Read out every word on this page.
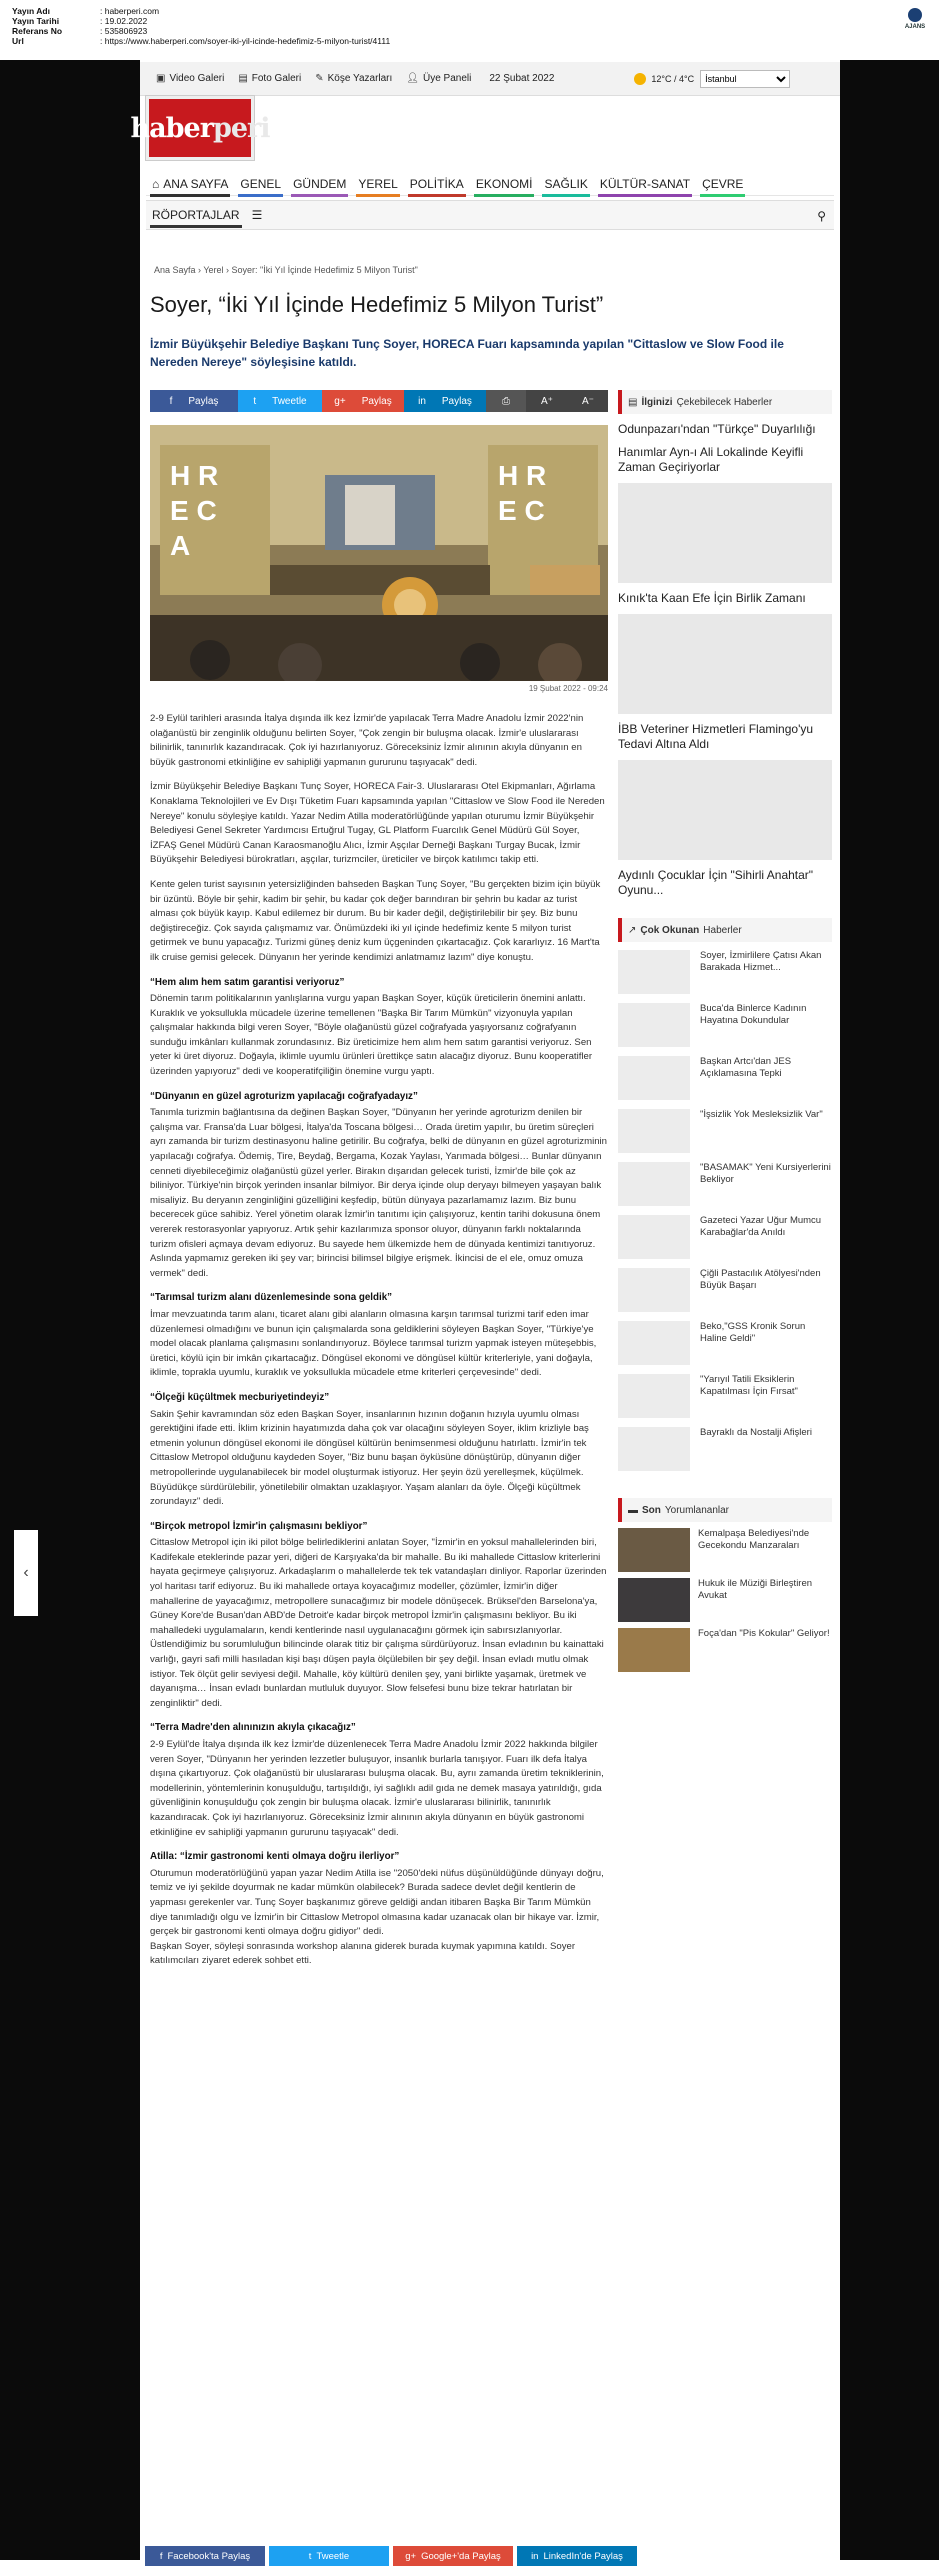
Yayın Adı	: haberperi.com
Yayın Tarihi	: 19.02.2022
Referans No	: 535806923
Url	: https://www.haberperi.com/soyer-iki-yil-icinde-hedefimiz-5-milyon-turist/4111
AJANS
‹
▣ Video Galeri ▤ Foto Galeri ✎ Köşe Yazarları 👤︎ Üye Paneli 22 Şubat 2022	12°C / 4°C
İstanbul
haberperi
⌂ ANA SAYFA	GENEL	GÜNDEM	YEREL	POLİTİKA	EKONOMİ	SAĞLIK	KÜLTÜR-SANAT	ÇEVRE
RÖPORTAJLAR	☰	⚲
Ana Sayfa › Yerel › Soyer: "İki Yıl İçinde Hedefimiz 5 Milyon Turist"
Soyer, “İki Yıl İçinde Hedefimiz 5 Milyon Turist”
İzmir Büyükşehir Belediye Başkanı Tunç Soyer, HORECA Fuarı kapsamında yapılan "Cittaslow ve Slow Food ile Nereden Nereye" söyleşisine katıldı.
f Paylaş	t Tweetle	g+ Paylaş	in Paylaş	⎙	A⁺	A⁻
H R
E C
A
H R
E C
19 Şubat 2022 - 09:24

2-9 Eylül tarihleri arasında İtalya dışında ilk kez İzmir'de yapılacak Terra Madre Anadolu İzmir 2022'nin olağanüstü bir zenginlik olduğunu belirten Soyer, "Çok zengin bir buluşma olacak. İzmir'e uluslararası bilinirlik, tanınırlık kazandıracak. Çok iyi hazırlanıyoruz. Göreceksiniz İzmir alınının akıyla dünyanın en büyük gastronomi etkinliğine ev sahipliği yapmanın gururunu taşıyacak" dedi.

İzmir Büyükşehir Belediye Başkanı Tunç Soyer, HORECA Fair-3. Uluslararası Otel Ekipmanları, Ağırlama Konaklama Teknolojileri ve Ev Dışı Tüketim Fuarı kapsamında yapılan "Cittaslow ve Slow Food ile Nereden Nereye" konulu söyleşiye katıldı. Yazar Nedim Atilla moderatörlüğünde yapılan oturumu İzmir Büyükşehir Belediyesi Genel Sekreter Yardımcısı Ertuğrul Tugay, GL Platform Fuarcılık Genel Müdürü Gül Soyer, İZFAŞ Genel Müdürü Canan Karaosmanoğlu Alıcı, İzmir Aşçılar Derneği Başkanı Turgay Bucak, İzmir Büyükşehir Belediyesi bürokratları, aşçılar, turizmciler, üreticiler ve birçok katılımcı takip etti.

Kente gelen turist sayısının yetersizliğinden bahseden Başkan Tunç Soyer, "Bu gerçekten bizim için büyük bir üzüntü. Böyle bir şehir, kadim bir şehir, bu kadar çok değer barındıran bir şehrin bu kadar az turist alması çok büyük kayıp. Kabul edilemez bir durum. Bu bir kader değil, değiştirilebilir bir şey. Biz bunu değiştireceğiz. Çok sayıda çalışmamız var. Önümüzdeki iki yıl içinde hedefimiz kente 5 milyon turist getirmek ve bunu yapacağız. Turizmi güneş deniz kum üçgeninden çıkartacağız. Çok kararlıyız. 16 Mart'ta ilk cruise gemisi gelecek. Dünyanın her yerinde kendimizi anlatmamız lazım" diye konuştu.

“Hem alım hem satım garantisi veriyoruz”

Dönemin tarım politikalarının yanlışlarına vurgu yapan Başkan Soyer, küçük üreticilerin önemini anlattı. Kuraklık ve yoksullukla mücadele üzerine temellenen "Başka Bir Tarım Mümkün" vizyonuyla yapılan çalışmalar hakkında bilgi veren Soyer, "Böyle olağanüstü güzel coğrafyada yaşıyorsanız coğrafyanın sunduğu imkânları kullanmak zorundasınız. Biz üreticimize hem alım hem satım garantisi veriyoruz. Sen yeter ki üret diyoruz. Doğayla, iklimle uyumlu ürünleri ürettikçe satın alacağız diyoruz. Bunu kooperatifler üzerinden yapıyoruz" dedi ve kooperatifçiliğin önemine vurgu yaptı.

“Dünyanın en güzel agroturizm yapılacağı coğrafyadayız”

Tanımla turizmin bağlantısına da değinen Başkan Soyer, "Dünyanın her yerinde agroturizm denilen bir çalışma var. Fransa'da Luar bölgesi, İtalya'da Toscana bölgesi… Orada üretim yapılır, bu üretim süreçleri ayrı zamanda bir turizm destinasyonu haline getirilir. Bu coğrafya, belki de dünyanın en güzel agroturizminin yapılacağı coğrafya. Ödemiş, Tire, Beydağ, Bergama, Kozak Yaylası, Yarımada bölgesi… Bunlar dünyanın cenneti diyebileceğimiz olağanüstü güzel yerler. Birakın dışarıdan gelecek turisti, İzmir'de bile çok az biliniyor. Türkiye'nin birçok yerinden insanlar bilmiyor. Bir derya içinde olup deryayı bilmeyen yaşayan balık misaliyiz. Bu deryanın zenginliğini güzelliğini keşfedip, bütün dünyaya pazarlamamız lazım. Biz bunu becerecek güce sahibiz. Yerel yönetim olarak İzmir'in tanıtımı için çalışıyoruz, kentin tarihi dokusuna önem vererek restorasyonlar yapıyoruz. Artık şehir kazılarımıza sponsor oluyor, dünyanın farklı noktalarında turizm ofisleri açmaya devam ediyoruz. Bu sayede hem ülkemizde hem de dünyada kentimizi tanıtıyoruz. Aslında yapmamız gereken iki şey var; birincisi bilimsel bilgiye erişmek. İkincisi de el ele, omuz omuza vermek" dedi.

“Tarımsal turizm alanı düzenlemesinde sona geldik”

İmar mevzuatında tarım alanı, ticaret alanı gibi alanların olmasına karşın tarımsal turizmi tarif eden imar düzenlemesi olmadığını ve bunun için çalışmalarda sona geldiklerini söyleyen Başkan Soyer, "Türkiye'ye model olacak planlama çalışmasını sonlandırıyoruz. Böylece tarımsal turizm yapmak isteyen müteşebbis, üretici, köylü için bir imkân çıkartacağız. Döngüsel ekonomi ve döngüsel kültür kriterleriyle, yani doğayla, iklimle, toprakla uyumlu, kuraklık ve yoksullukla mücadele etme kriterleri çerçevesinde" dedi.

“Ölçeği küçültmek mecburiyetindeyiz”

Sakin Şehir kavramından söz eden Başkan Soyer, insanlarının hızının doğanın hızıyla uyumlu olması gerektiğini ifade etti. İklim krizinin hayatımızda daha çok var olacağını söyleyen Soyer, iklim krizliyle baş etmenin yolunun döngüsel ekonomi ile döngüsel kültürün benimsenmesi olduğunu hatırlattı. İzmir'in tek Cittaslow Metropol olduğunu kaydeden Soyer, "Biz bunu başan öyküsüne dönüştürüp, dünyanın diğer metropollerinde uygulanabilecek bir model oluşturmak istiyoruz. Her şeyin özü yerelleşmek, küçülmek. Büyüdükçe sürdürülebilir, yönetilebilir olmaktan uzaklaşıyor. Yaşam alanları da öyle. Ölçeği küçültmek zorundayız" dedi.

“Birçok metropol İzmir'in çalışmasını bekliyor”

Cittaslow Metropol için iki pilot bölge belirlediklerini anlatan Soyer, "İzmir'in en yoksul mahallelerinden biri, Kadifekale eteklerinde pazar yeri, diğeri de Karşıyaka'da bir mahalle. Bu iki mahallede Cittaslow kriterlerini hayata geçirmeye çalışıyoruz. Arkadaşlarım o mahallelerde tek tek vatandaşları dinliyor. Raporlar üzerinden yol haritası tarif ediyoruz. Bu iki mahallede ortaya koyacağımız modeller, çözümler, İzmir'in diğer mahallerine de yayacağımız, metropollere sunacağımız bir modele dönüşecek. Brüksel'den Barselona'ya, Güney Kore'de Busan'dan ABD'de Detroit'e kadar birçok metropol İzmir'in çalışmasını bekliyor. Bu iki mahalledeki uygulamaların, kendi kentlerinde nasıl uygulanacağını görmek için sabırsızlanıyorlar. Üstlendiğimiz bu sorumluluğun bilincinde olarak titiz bir çalışma sürdürüyoruz. İnsan evladının bu kainattaki varlığı, gayri safi milli hasıladan kişi başı düşen payla ölçülebilen bir şey değil. İnsan evladı mutlu olmak istiyor. Tek ölçüt gelir seviyesi değil. Mahalle, köy kültürü denilen şey, yani birlikte yaşamak, üretmek ve dayanışma… İnsan evladı bunlardan mutluluk duyuyor. Slow felsefesi bunu bize tekrar hatırlatan bir zenginliktir" dedi.

“Terra Madre'den alınınızın akıyla çıkacağız”

2-9 Eylül'de İtalya dışında ilk kez İzmir'de düzenlenecek Terra Madre Anadolu İzmir 2022 hakkında bilgiler veren Soyer, "Dünyanın her yerinden lezzetler buluşuyor, insanlık burlarla tanışıyor. Fuarı ilk defa İtalya dışına çıkartıyoruz. Çok olağanüstü bir uluslararası buluşma olacak. Bu, ayrıı zamanda üretim tekniklerinin, modellerinin, yöntemlerinin konuşulduğu, tartışıldığı, iyi sağlıklı adil gıda ne demek masaya yatırıldığı, gıda güvenliğinin konuşulduğu çok zengin bir buluşma olacak. İzmir'e uluslararası bilinirlik, tanınırlık kazandıracak. Çok iyi hazırlanıyoruz. Göreceksiniz İzmir alınının akıyla dünyanın en büyük gastronomi etkinliğine ev sahipliği yapmanın gururunu taşıyacak" dedi.

Atilla: “İzmir gastronomi kenti olmaya doğru ilerliyor”

Oturumun moderatörlüğünü yapan yazar Nedim Atilla ise "2050'deki nüfus düşünüldüğünde dünyayı doğru, temiz ve iyi şekilde doyurmak ne kadar mümkün olabilecek? Burada sadece devlet değil kentlerin de yapması gerekenler var. Tunç Soyer başkanımız göreve geldiği andan itibaren Başka Bir Tarım Mümkün diye tanımladığı olgu ve İzmir'in bir Cittaslow Metropol olmasına kadar uzanacak olan bir hikaye var. İzmir, gerçek bir gastronomi kenti olmaya doğru gidiyor" dedi.
Başkan Soyer, söyleşi sonrasında workshop alanına giderek burada kuymak yapımına katıldı. Soyer katılımcıları ziyaret ederek sohbet etti.

f Facebook'ta Paylaş	t Tweetle	g+ Google+'da Paylaş	in LinkedIn'de Paylaş
▤ İlginizi Çekebilecek Haberler
Odunpazarı'ndan "Türkçe" Duyarlılığı
Hanımlar Ayn-ı Ali Lokalinde Keyifli Zaman Geçiriyorlar
Kınık'ta Kaan Efe İçin Birlik Zamanı
İBB Veteriner Hizmetleri Flamingo'yu Tedavi Altına Aldı
Aydınlı Çocuklar İçin "Sihirli Anahtar" Oyunu...
↗ Çok Okunan Haberler
Soyer, İzmirlilere Çatısı Akan Barakada Hizmet...
Buca'da Binlerce Kadının Hayatına Dokundular
Başkan Artcı'dan JES Açıklamasına Tepki
"İşsizlik Yok Mesleksizlik Var"
"BASAMAK" Yeni Kursiyerlerini Bekliyor
Gazeteci Yazar Uğur Mumcu Karabağlar'da Anıldı
Çiğli Pastacılık Atölyesi'nden Büyük Başarı
Beko,"GSS Kronik Sorun Haline Geldi"
"Yarıyıl Tatili Eksiklerin Kapatılması İçin Fırsat"
Bayraklı da Nostalji Afişleri
▬ Son Yorumlananlar
Kemalpaşa Belediyesi'nde Gecekondu Manzaraları
Hukuk ile Müziği Birleştiren Avukat
Foça'dan "Pis Kokular" Geliyor!
